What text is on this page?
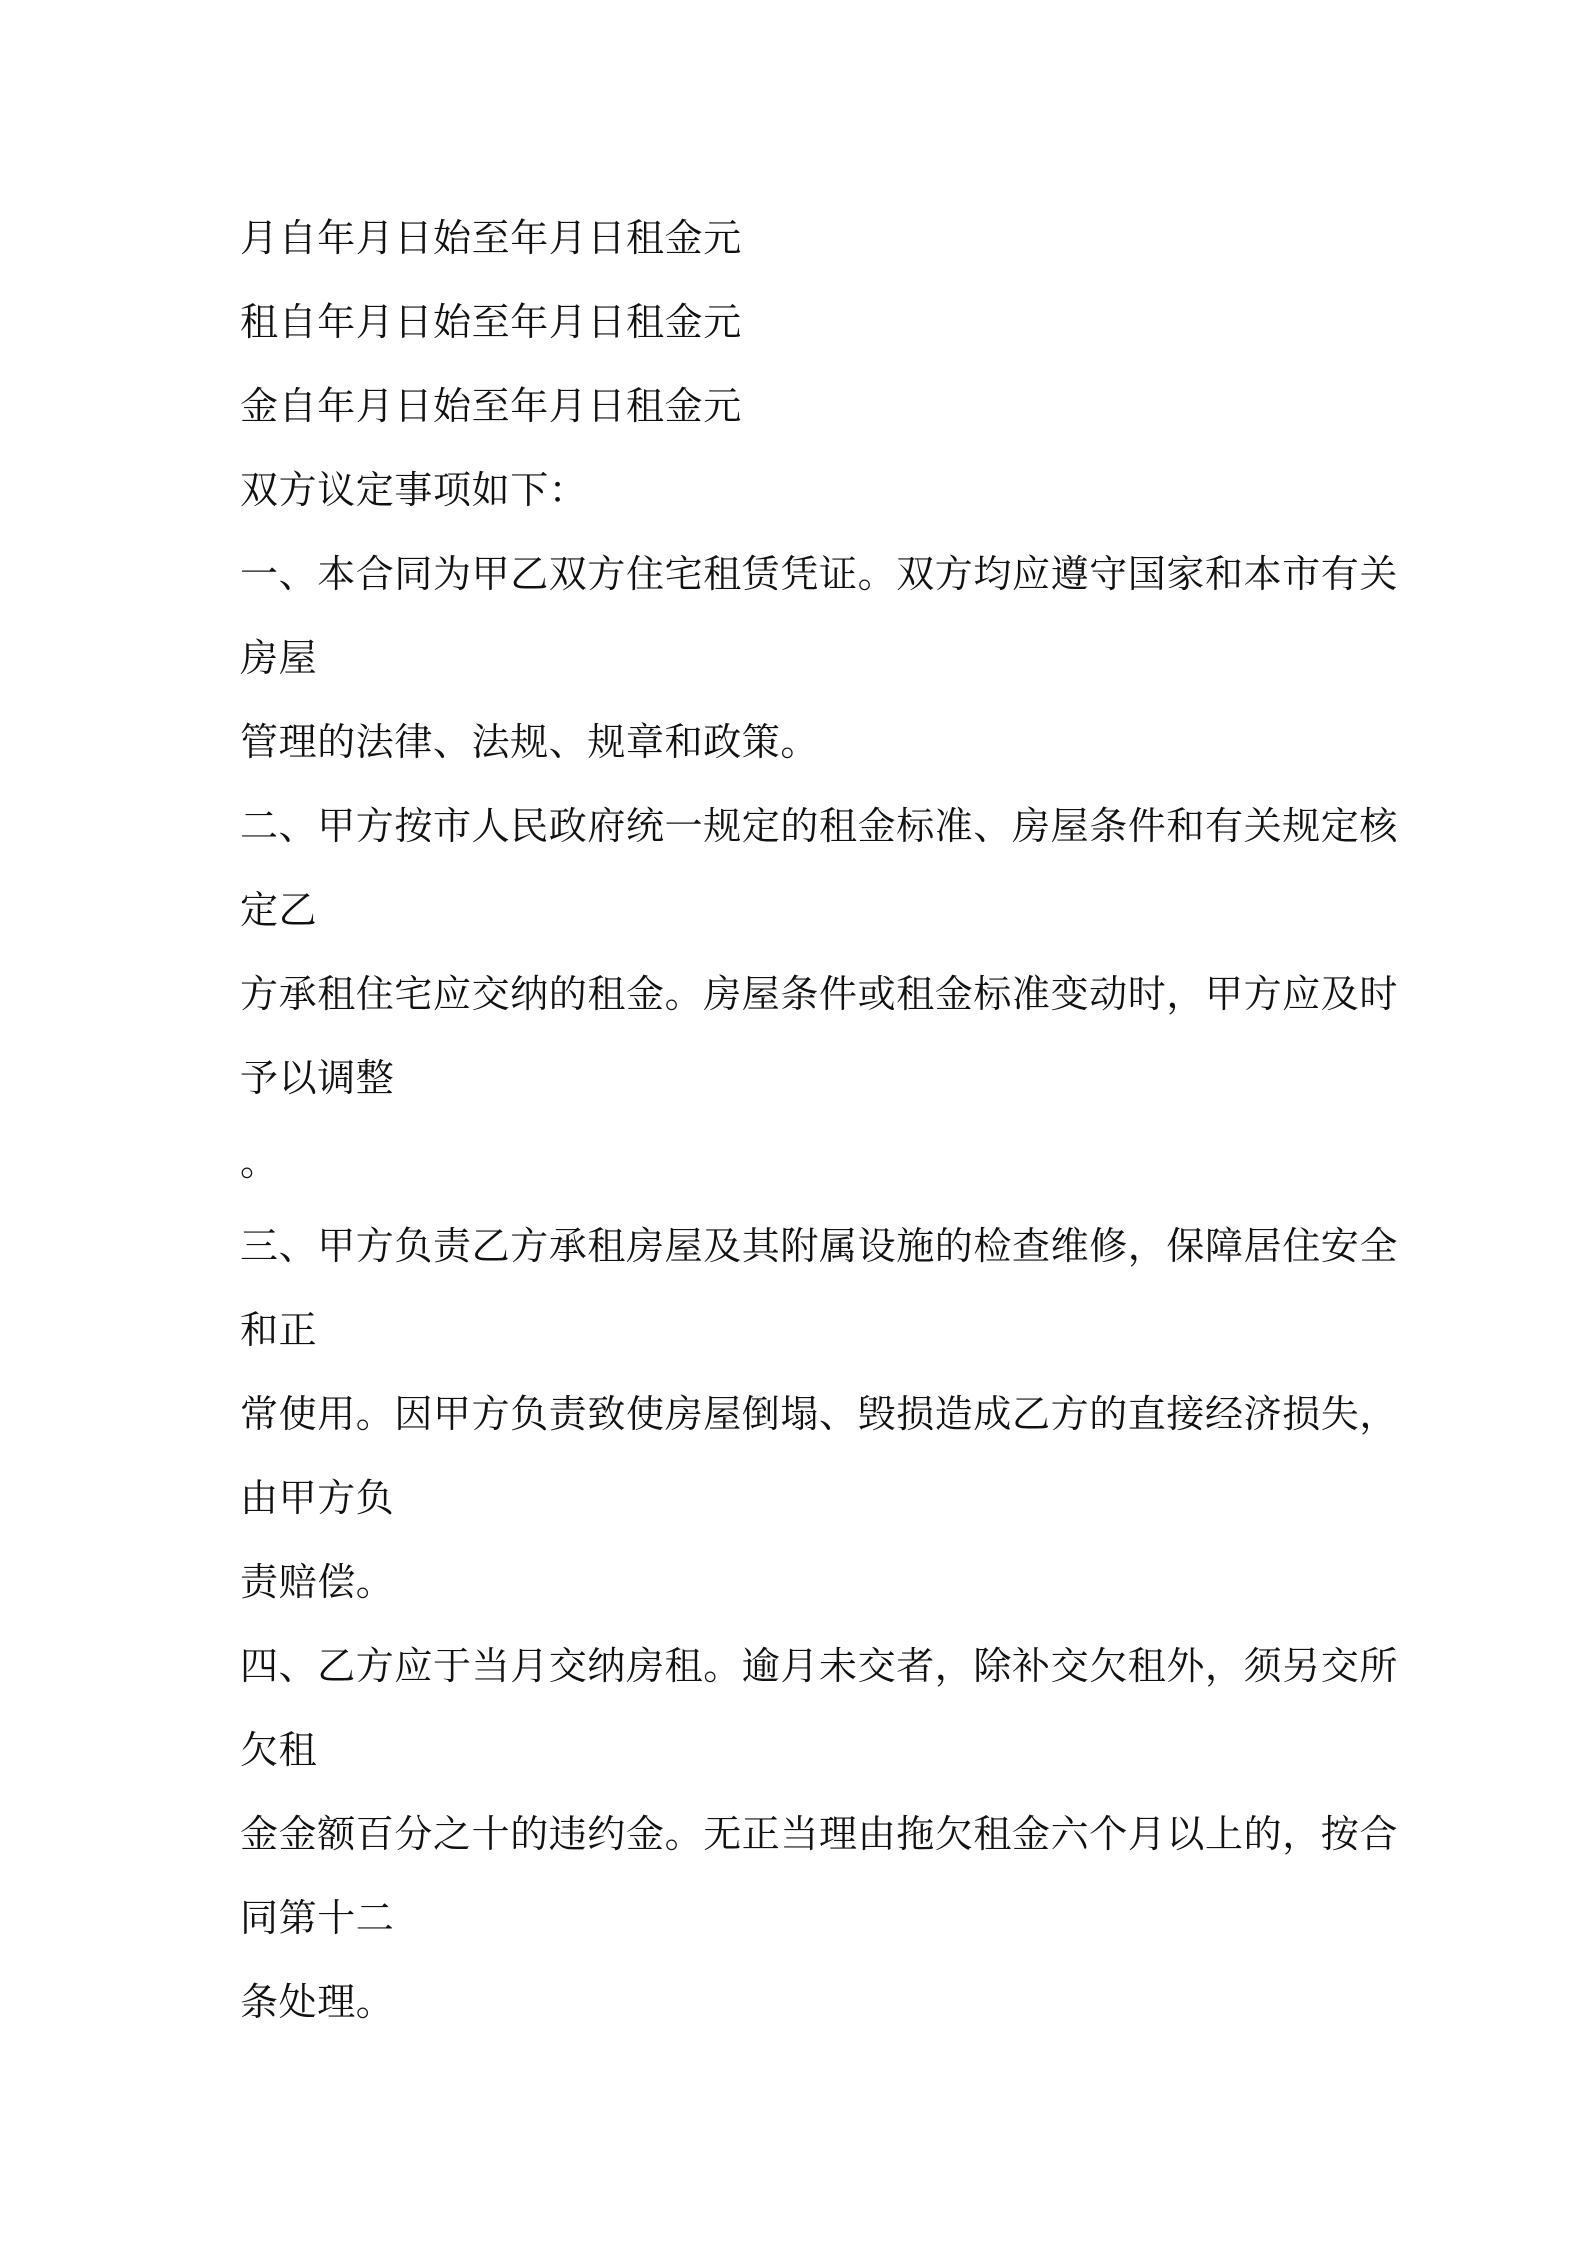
月自年月日始至年月日租金元
租自年月日始至年月日租金元
金自年月日始至年月日租金元
双方议定事项如下：
一、本合同为甲乙双方住宅租赁凭证。双方均应遵守国家和本市有关
房屋
管理的法律、法规、规章和政策。
二、甲方按市人民政府统一规定的租金标准、房屋条件和有关规定核
定乙
方承租住宅应交纳的租金。房屋条件或租金标准变动时，甲方应及时
予以调整
。
三、甲方负责乙方承租房屋及其附属设施的检查维修，保障居住安全
和正
常使用。因甲方负责致使房屋倒塌、毁损造成乙方的直接经济损失，
由甲方负
责赔偿。
四、乙方应于当月交纳房租。逾月未交者，除补交欠租外，须另交所
欠租
金金额百分之十的违约金。无正当理由拖欠租金六个月以上的，按合
同第十二
条处理。
